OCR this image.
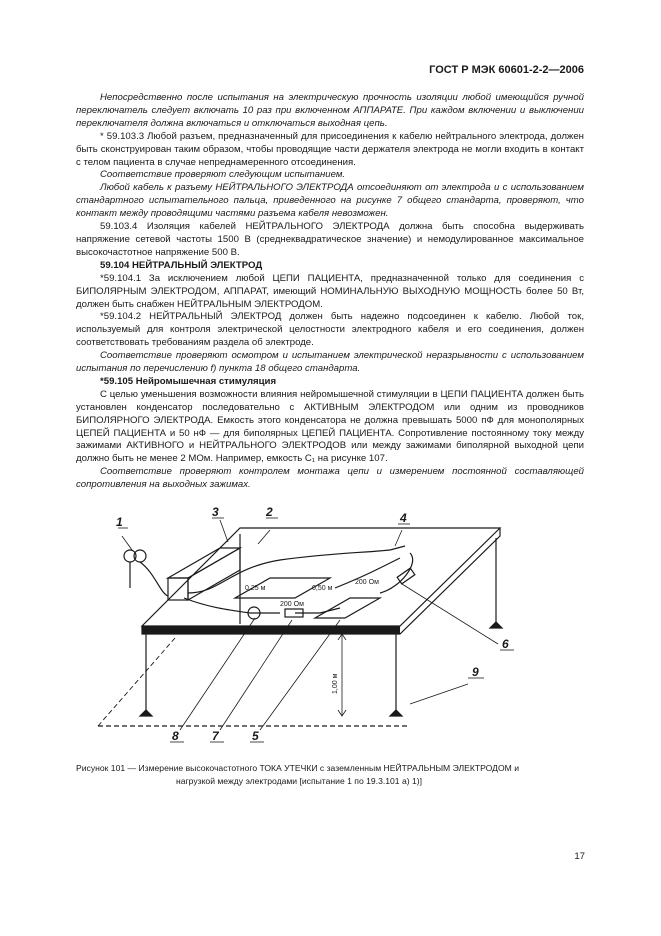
ГОСТ Р МЭК 60601-2-2—2006

Непосредственно после испытания на электрическую прочность изоляции любой имеющийся ручной переключатель следует включать 10 раз при включенном АППАРАТЕ. При каждом включении и выключении переключателя должна включаться и отключаться выходная цепь.

* 59.103.3 Любой разъем, предназначенный для присоединения к кабелю нейтрального электрода, должен быть сконструирован таким образом, чтобы проводящие части держателя электрода не могли входить в контакт с телом пациента в случае непреднамеренного отсоединения.

Соответствие проверяют следующим испытанием.

Любой кабель к разъему НЕЙТРАЛЬНОГО ЭЛЕКТРОДА отсоединяют от электрода и с использованием стандартного испытательного пальца, приведенного на рисунке 7 общего стандарта, проверяют, что контакт между проводящими частями разъема кабеля невозможен.

59.103.4 Изоляция кабелей НЕЙТРАЛЬНОГО ЭЛЕКТРОДА должна быть способна выдерживать напряжение сетевой частоты 1500 В (среднеквадратическое значение) и немодулированное максимальное высокочастотное напряжение 500 В.

59.104 НЕЙТРАЛЬНЫЙ ЭЛЕКТРОД

*59.104.1 За исключением любой ЦЕПИ ПАЦИЕНТА, предназначенной только для соединения с БИПОЛЯРНЫМ ЭЛЕКТРОДОМ, АППАРАТ, имеющий НОМИНАЛЬНУЮ ВЫХОДНУЮ МОЩНОСТЬ более 50 Вт, должен быть снабжен НЕЙТРАЛЬНЫМ ЭЛЕКТРОДОМ.

*59.104.2 НЕЙТРАЛЬНЫЙ ЭЛЕКТРОД должен быть надежно подсоединен к кабелю. Любой ток, используемый для контроля электрической целостности электродного кабеля и его соединения, должен соответствовать требованиям раздела об электроде.

Соответствие проверяют осмотром и испытанием электрической неразрывности с использованием испытания по перечислению f) пункта 18 общего стандарта.

*59.105 Нейромышечная стимуляция

С целью уменьшения возможности влияния нейромышечной стимуляции в ЦЕПИ ПАЦИЕНТА должен быть установлен конденсатор последовательно с АКТИВНЫМ ЭЛЕКТРОДОМ или одним из проводников БИПОЛЯРНОГО ЭЛЕКТРОДА. Емкость этого конденсатора не должна превышать 5000 пФ для монополярных ЦЕПЕЙ ПАЦИЕНТА и 50 нФ — для биполярных ЦЕПЕЙ ПАЦИЕНТА. Сопротивление постоянному току между зажимами АКТИВНОГО и НЕЙТРАЛЬНОГО ЭЛЕКТРОДОВ или между зажимами биполярной выходной цепи должно быть не менее 2 МОм. Например, емкость С₁ на рисунке 107.

Соответствие проверяют контролем монтажа цепи и измерением постоянной составляющей сопротивления на выходных зажимах.

1
3	2	4
6
9
8	7	5
0,25 м	0,50 м
200 Ом
200 Ом
1,00 м
Рисунок 101 — Измерение высокочастотного ТОКА УТЕЧКИ с заземленным НЕЙТРАЛЬНЫМ ЭЛЕКТРОДОМ и
нагрузкой между электродами [испытание 1 по 19.3.101 а) 1)]
17
